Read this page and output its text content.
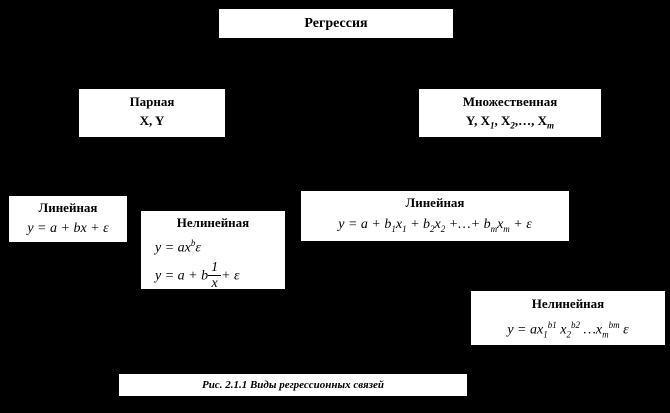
Регрессия
Парная
X, Y
Множественная
Y, $X_1$, $X_2,\dots$, $X_m$
Линейная
y = a + bx + ε	Нелинейная
$y = ax^b\varepsilon$
y = a + b $\frac{1}{x} + \varepsilon$
Линейная
$y = a + b_1x_1 + b_2x_2$ +…+ $b_mx_m + \varepsilon$
Нелинейная
$y = ax_1^{b1}$ $x_2^{b2}$ $\dots x_m^{bm}$ ε
Рис. 2.1.1 Виды регрессионных связей
